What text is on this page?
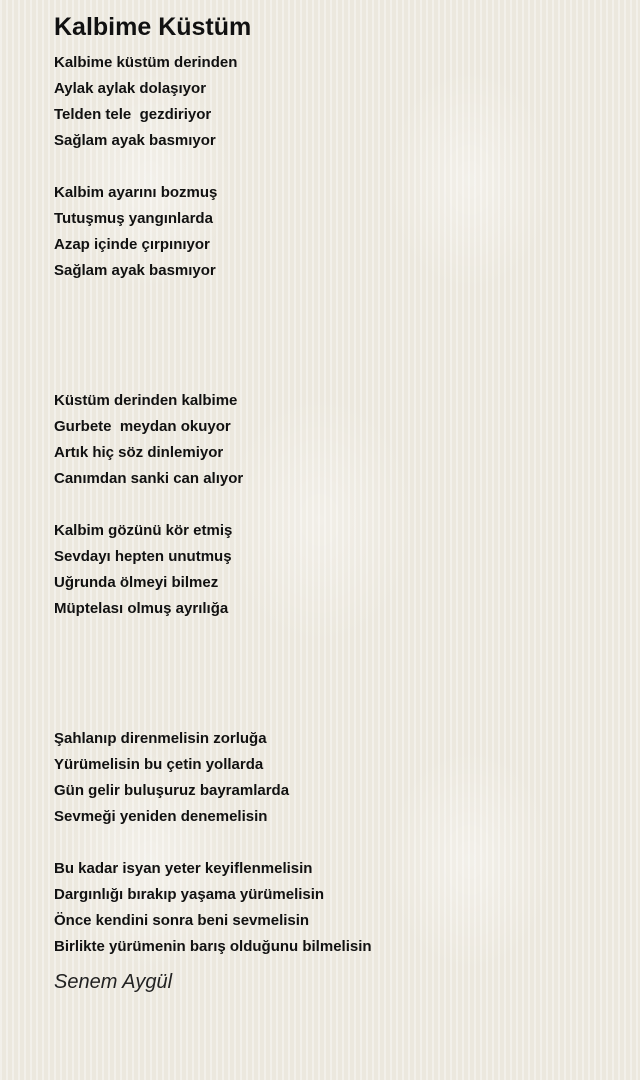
Kalbime Küstüm
Kalbime küstüm derinden
Aylak aylak dolaşıyor
Telden tele  gezdiriyor
Sağlam ayak basmıyor
Kalbim ayarını bozmuş
Tutuşmuş yangınlarda
Azap içinde çırpınıyor
Sağlam ayak basmıyor
Küstüm derinden kalbime
Gurbete  meydan okuyor
Artık hiç söz dinlemiyor
Canımdan sanki can alıyor
Kalbim gözünü kör etmiş
Sevdayı hepten unutmuş
Uğrunda ölmeyi bilmez
Müptelası olmuş ayrılığa
Şahlanıp direnmelisin zorluğa
Yürümelisin bu çetin yollarda
Gün gelir buluşuruz bayramlarda
Sevmeği yeniden denemelisin
Bu kadar isyan yeter keyiflenmelisin
Dargınlığı bırakıp yaşama yürümelisin
Önce kendini sonra beni sevmelisin
Birlikte yürümenin barış olduğunu bilmelisin
Senem Aygül
